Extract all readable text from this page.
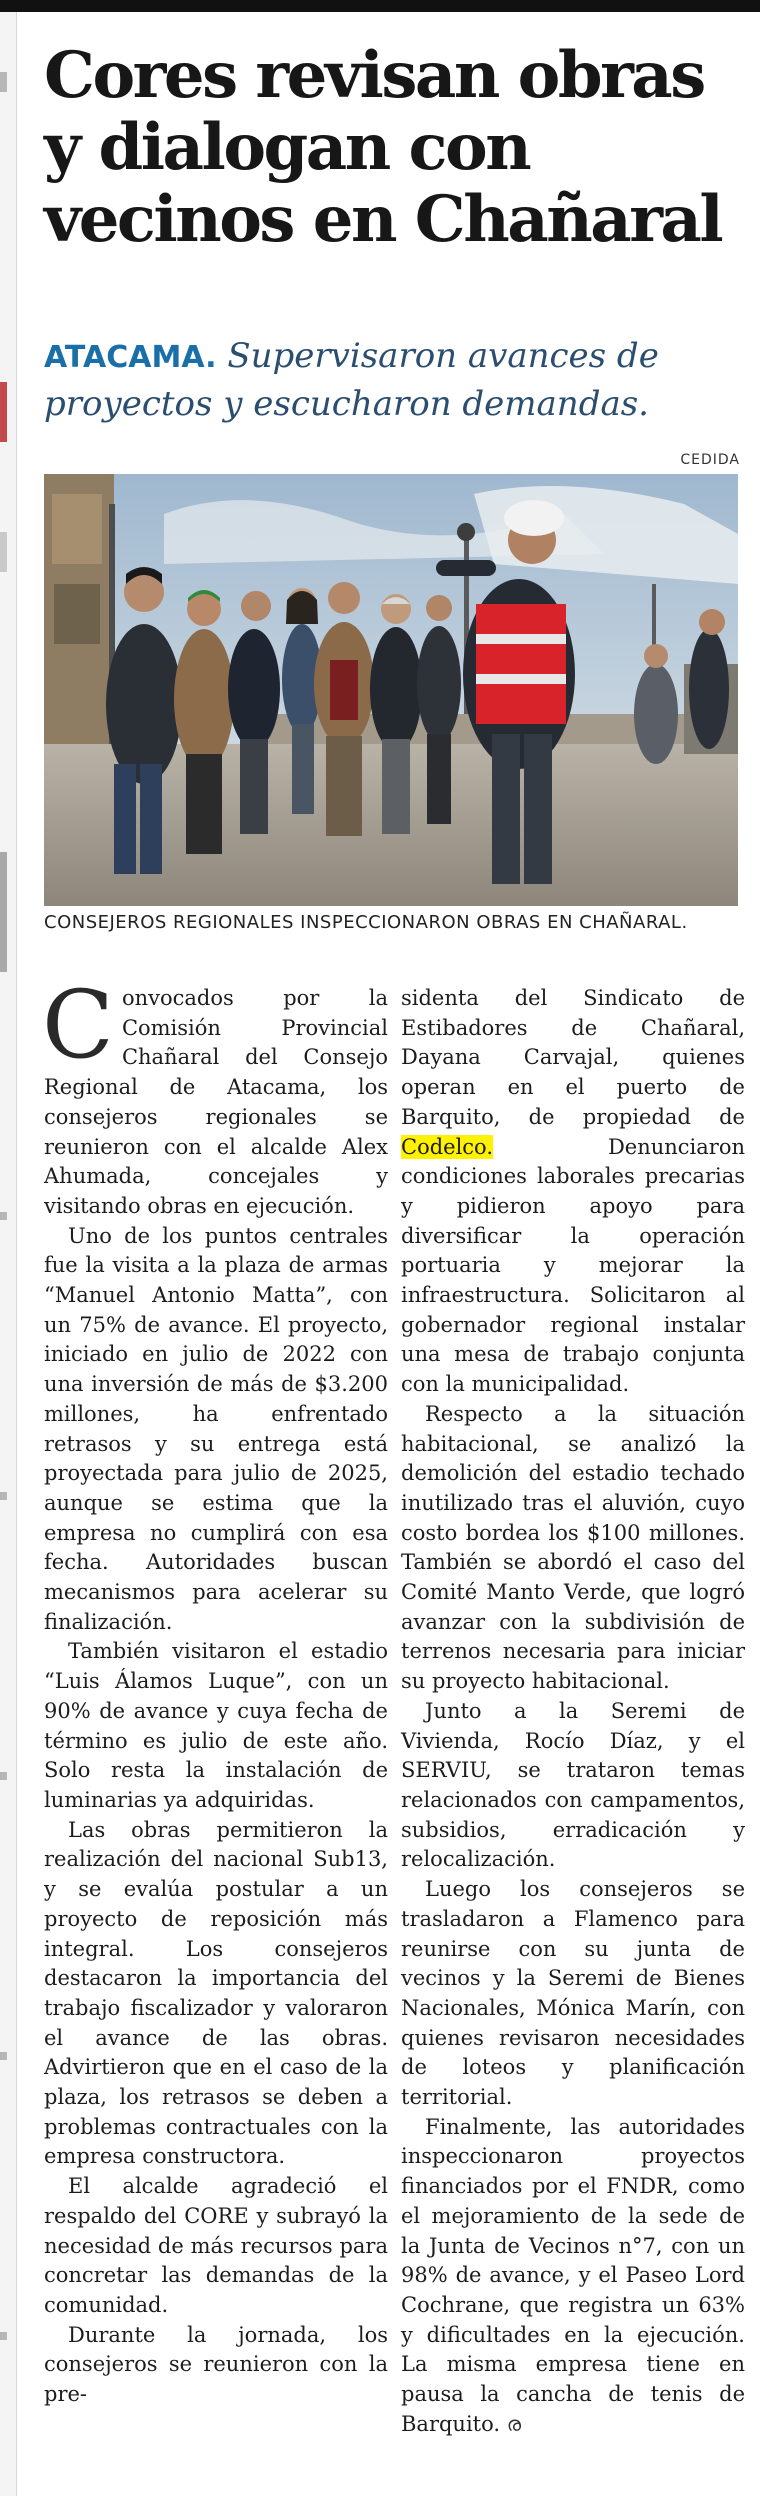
Cores revisan obras y dialogan con vecinos en Chañaral

ATACAMA. Supervisaron avances de proyectos y escucharon demandas.

CEDIDA

CONSEJEROS REGIONALES INSPECCIONARON OBRAS EN CHAÑARAL.

Convocados por la Comisión Provincial Chañaral del Consejo Regional de Atacama, los consejeros regionales se reunieron con el alcalde Alex Ahumada, concejales y visitando obras en ejecución.

Uno de los puntos centrales fue la visita a la plaza de armas “Manuel Antonio Matta”, con un 75% de avance. El proyecto, iniciado en julio de 2022 con una inversión de más de $3.200 millones, ha enfrentado retrasos y su entrega está proyectada para julio de 2025, aunque se estima que la empresa no cumplirá con esa fecha. Autoridades buscan mecanismos para acelerar su finalización.

También visitaron el estadio “Luis Álamos Luque”, con un 90% de avance y cuya fecha de término es julio de este año. Solo resta la instalación de luminarias ya adquiridas.

Las obras permitieron la realización del nacional Sub13, y se evalúa postular a un proyecto de reposición más integral. Los consejeros destacaron la importancia del trabajo fiscalizador y valoraron el avance de las obras. Advirtieron que en el caso de la plaza, los retrasos se deben a problemas contractuales con la empresa constructora.

El alcalde agradeció el respaldo del CORE y subrayó la necesidad de más recursos para concretar las demandas de la comunidad.

Durante la jornada, los consejeros se reunieron con la pre-

sidenta del Sindicato de Estibadores de Chañaral, Dayana Carvajal, quienes operan en el puerto de Barquito, de propiedad de Codelco. Denunciaron condiciones laborales precarias y pidieron apoyo para diversificar la operación portuaria y mejorar la infraestructura. Solicitaron al gobernador regional instalar una mesa de trabajo conjunta con la municipalidad.

Respecto a la situación habitacional, se analizó la demolición del estadio techado inutilizado tras el aluvión, cuyo costo bordea los $100 millones. También se abordó el caso del Comité Manto Verde, que logró avanzar con la subdivisión de terrenos necesaria para iniciar su proyecto habitacional.

Junto a la Seremi de Vivienda, Rocío Díaz, y el SERVIU, se trataron temas relacionados con campamentos, subsidios, erradicación y relocalización.

Luego los consejeros se trasladaron a Flamenco para reunirse con su junta de vecinos y la Seremi de Bienes Nacionales, Mónica Marín, con quienes revisaron necesidades de loteos y planificación territorial.

Finalmente, las autoridades inspeccionaron proyectos financiados por el FNDR, como el mejoramiento de la sede de la Junta de Vecinos n°7, con un 98% de avance, y el Paseo Lord Cochrane, que registra un 63% y dificultades en la ejecución. La misma empresa tiene en pausa la cancha de tenis de Barquito. ര
